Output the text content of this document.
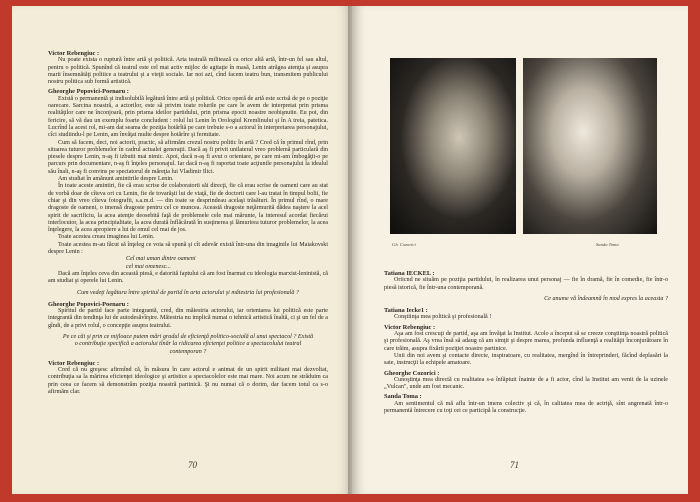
Victor Rebengiuc :
Nu poate exista o ruptură între artă şi politică. Arta teatrală militează ca orice altă artă, într-un fel sau altul, pentru o politică. Spunînd că teatrul este cel mai activ mijloc de agitaţie în masă, Lenin atrăgea atenţia şi asupra marii însemnătăţi politice a teatrului şi a vieţii sociale. Iar noi azi, cînd facem teatru bun, transmitem publicului nostru politica sub formă artistică.
Gheorghe Popovici-Poenaru :
Există o permanentă şi indisolubilă legătură între artă şi politică. Orice operă de artă este scrisă de pe o poziţie oarecare. Sarcina noastră, a actorilor, este să privim toate rolurile pe care le avem de interpretat prin prisma realităţilor care ne înconjoară, prin prisma ideilor partidului, prin prisma epocii noastre neobişnuite. Eu pot, din fericire, să vă dau un exemplu foarte concludent : rolul lui Lenin în Orologiul Kremlinului şi în A treia, patetica. Lucrînd la acest rol, mi-am dat seama de poziţia hotărîtă pe care trebuie s-o a actorul în interpretarea personajului, cîci studiindu-l pe Lenin, am învăţat multe despre hotărîre şi fermitate.
Cum să facem, deci, noi actorii, practic, să afirmăm crezul nostru politic în artă ? Cred că în primul rînd, prin situarea tuturor problemelor în cadrul actualei generaţii. Dacă aş fi privit unilateral vreo problemă particulară din piesele despre Lenin, n-aş fi izbutit mai nimic. Apoi, dacă n-aş fi avut o orientare, pe care mi-am îmbogăţit-o pe parcurs prin documentare, n-aş fi înţeles personajul. Iar dacă n-aş fi raportat toate acţiunile personajului la idealul său înalt, n-aş fi convins pe spectatorul de măreţia lui Vladimir Ilici.
Am studiat în amănunt amintirile despre Lenin.
În toate aceste amintiri, fie că erau scrise de colaboratorii săi direcţi, fie că erau scrise de oameni care au stat de vorbă doar de cîteva ori cu Lenin, fie de tovarăşii lui de viaţă, fie de doctorii care l-au tratat în timpul bolii, fie chiar şi din vreo cîteva fotografii, s.a.m.d. — din toate se desprindeau acelaşi trăsături. În primul rînd, o mare dragoste de oameni, o imensă dragoste pentru cel ce muncea. Această dragoste neţărmurită dădea naştere la acel spirit de sacrificiu, la acea atenţie deosebită faţă de problemele cele mai mărunte, la interesul acordat fiecărui interlocutor, la acea principialitate, la acea durată înflăcărată în susţinerea şi lămurirea tuturor problemelor, la acea înţelegere, la acea apropiere a lui de omul cel mai de jos.
Toate acestea creau imaginea lui Lenin.
Toate acestea m-au făcut să înţeleg ce voia să spună şi cît adevăr există într-una din imaginile lui Maiakovski despre Lenin :
Cel mai uman dintre oameni
cel mai omenesc...
Dacă am înţeles ceva din această piesă, e datorită faptului că am fost înarmat cu ideologia marxist-leninistă, că am studiat şi operele lui Lenin.
Cum vedeţi legătura între spiritul de partid în arta actorului şi măiestria lui profesională ?
Gheorghe Popovici-Poenaru :
Spiritul de partid face parte integrantă, cred, din măiestria actorului, iar orientarea lui politică este parte integrantă din tendinţa lui de autodesăvîrşire. Măiestria nu implică numai o tehnică artistică înaltă, ci şi un fel de a gîndi, de a privi rolul, o concepţie asupra teatrului.
Pe ce căi şi prin ce mijloace putem mări gradul de eficienţă politico-socială al unui spectacol ? Există o contribuţie specifică a actorului tînăr la ridicarea eficienţei politice a spectacolului teatral contemporan ?
Victor Rebengiuc :
Cred că nu greşesc afirmînd că, în măsura în care actorul e animat de un spirit militant mai dezvoltat, contribuţia sa la mărirea eficienţei ideologice şi artistice a spectacolelor este mai mare. Noi acum ne străduim ca prin ceea ce facem să demonstrăm poziţia noastră partinică. Şi nu numai că o dorim, dar facem totul ca s-o afirmăm clar.
70
Gh. Cozorici	Sanda Toma
Tatiana IECKEL :
Oriicnd ne situăm pe poziţia partidului, în realizarea unui personaj — fie în dramă, fie în comedie, fie într-o piesă istorică, fie într-una contemporană.
Ce anume vă îndeamnă în mod expres la aceasta ?
Tatiana Iecke1 :
Conştiinţa mea politică şi profesională !
Victor Rebengiuc :
Aşa am fost crescuţi de partid, aşa am învăţat la Institut. Acolo a început să se creeze conştiinţa noastră politică şi profesională. Aş vrea însă să adaug că am simţit şi despre marea, profunda influenţă a realităţii înconjurătoare în care trăim, asupra fixării poziţiei noastre partinice.
Unii din noi avem şi contacte directe, inspiratoare, cu realitatea, mergînd în întreprinderi, făcînd deplasări la sate, instrucţii la echipele amatoare.
Gheorghe Cozorici :
Cunoştinţa mea directă cu realitatea s-a înfăptuit înainte de a fi actor, cînd la Institut am venit de la uzinele „Vulcan", unde am fost mecanic.
Sanda Toma :
Am sentimentul că mă aflu într-un imens colectiv şi că, în calitatea mea de actriţă, sînt angrenată într-o permanentă întrecere cu toţi cei ce participă la construcţie.
71
